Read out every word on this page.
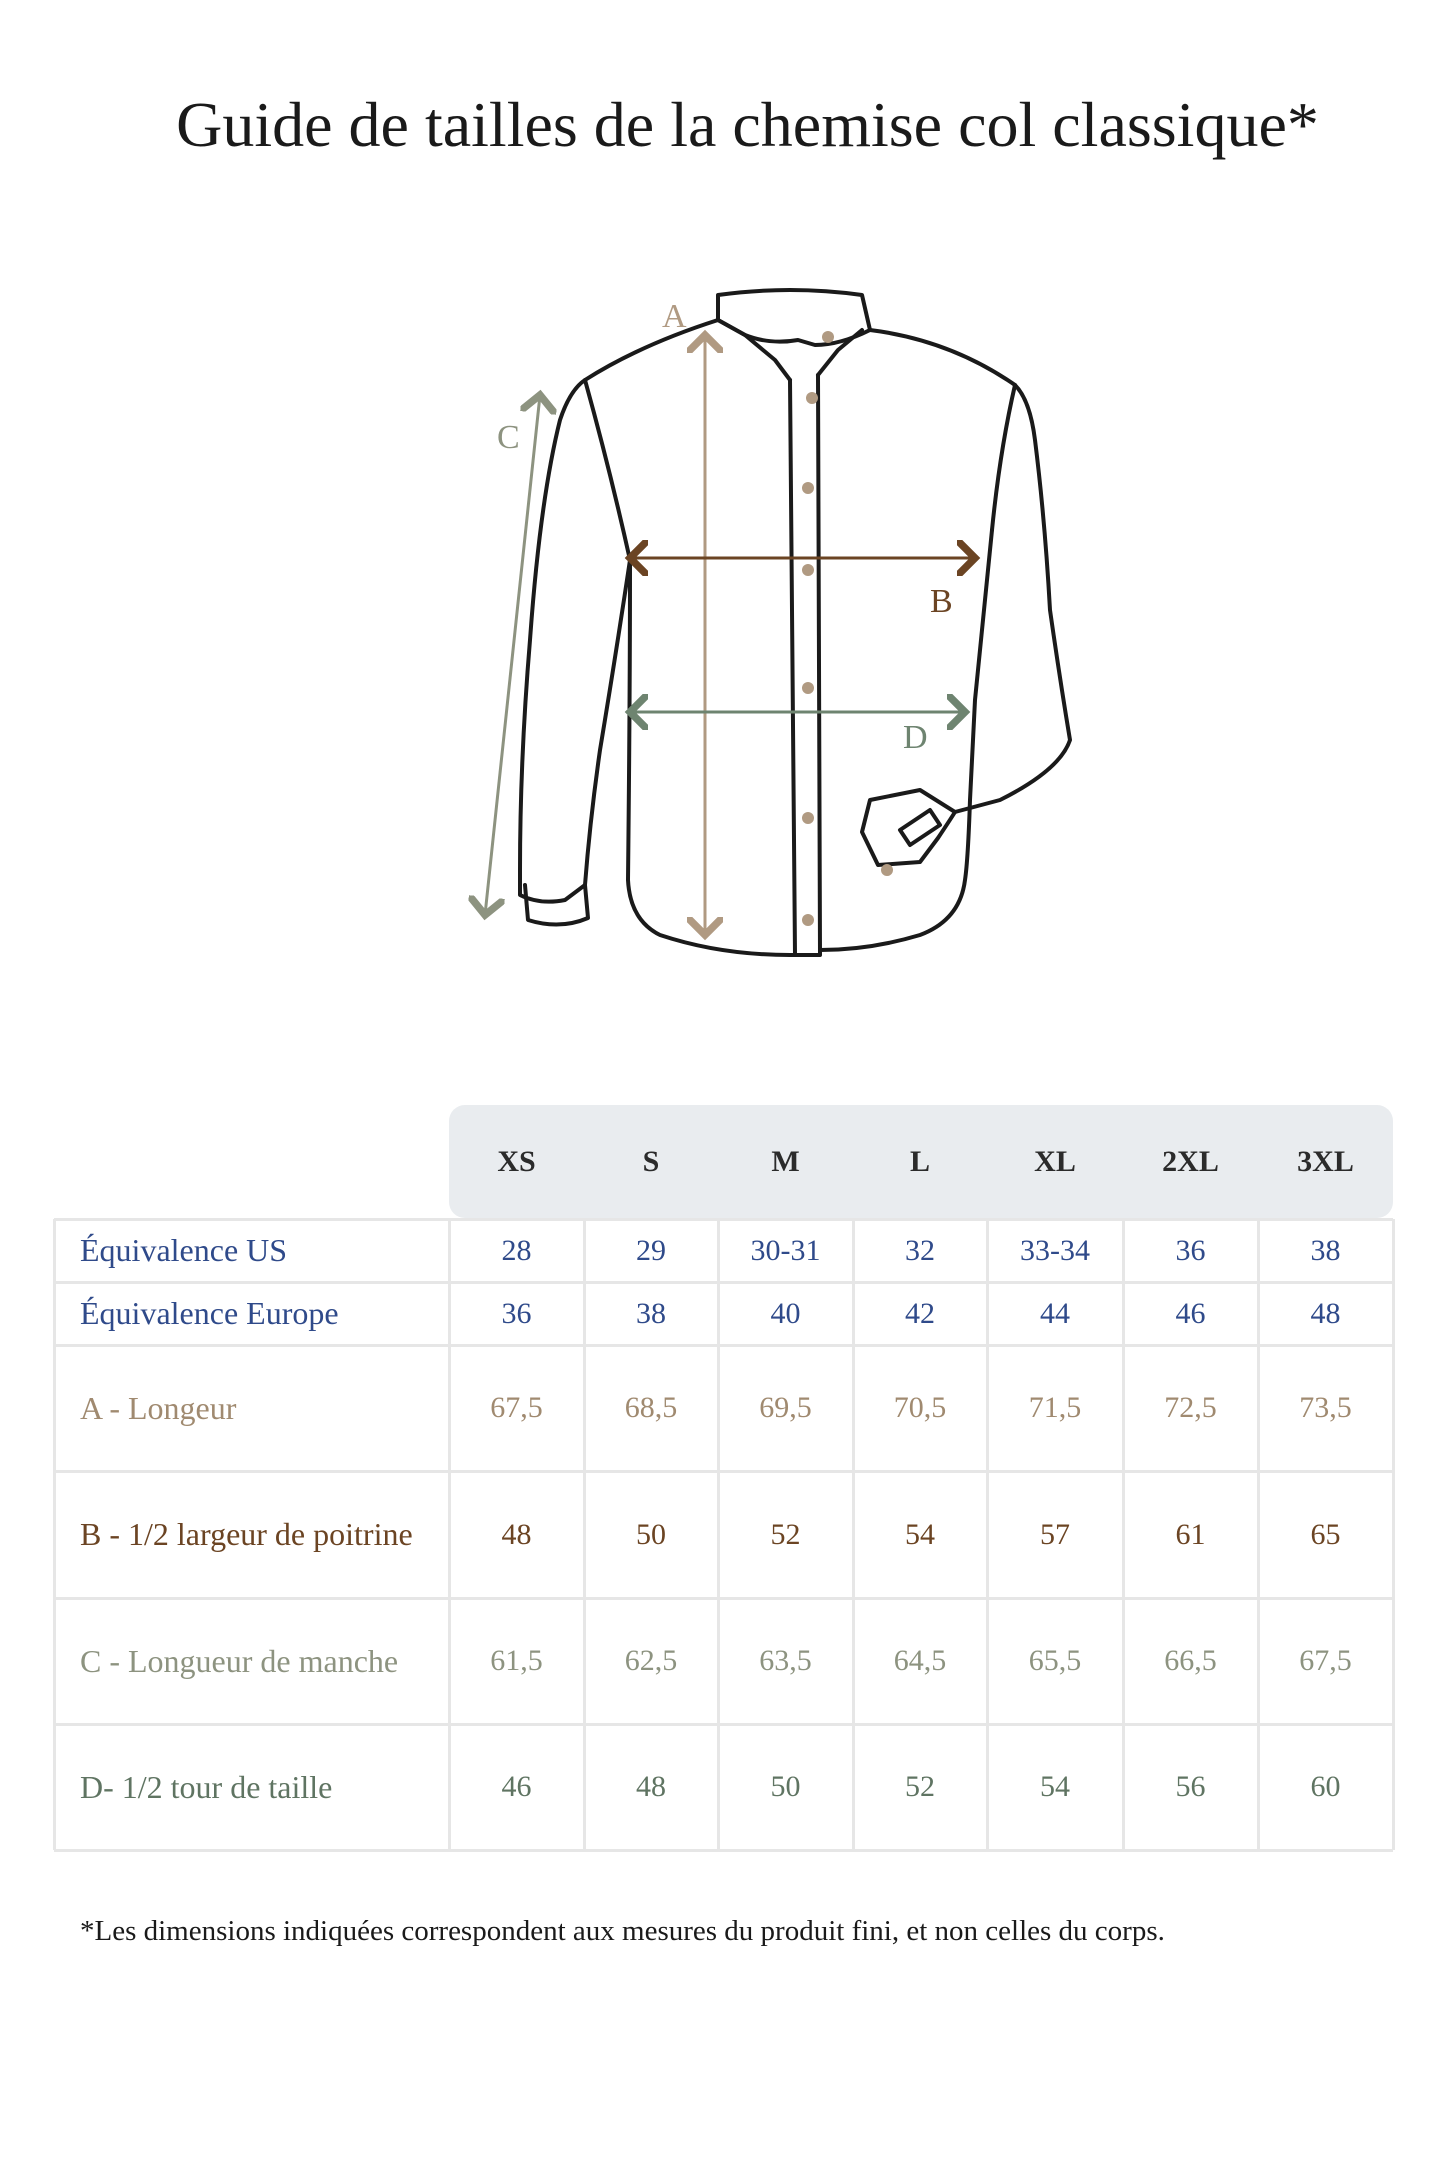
Guide de tailles de la chemise col classique*
A
B
C
D
XS	S	M	L	XL	2XL	3XL
Équivalence US	28	29	30-31	32	33-34	36	38
Équivalence Europe	36	38	40	42	44	46	48
A - Longeur	67,5	68,5	69,5	70,5	71,5	72,5	73,5
B - 1/2 largeur de poitrine	48	50	52	54	57	61	65
C - Longueur de manche	61,5	62,5	63,5	64,5	65,5	66,5	67,5
D- 1/2 tour de taille	46	48	50	52	54	56	60
*Les dimensions indiquées correspondent aux mesures du produit fini, et non celles du corps.
